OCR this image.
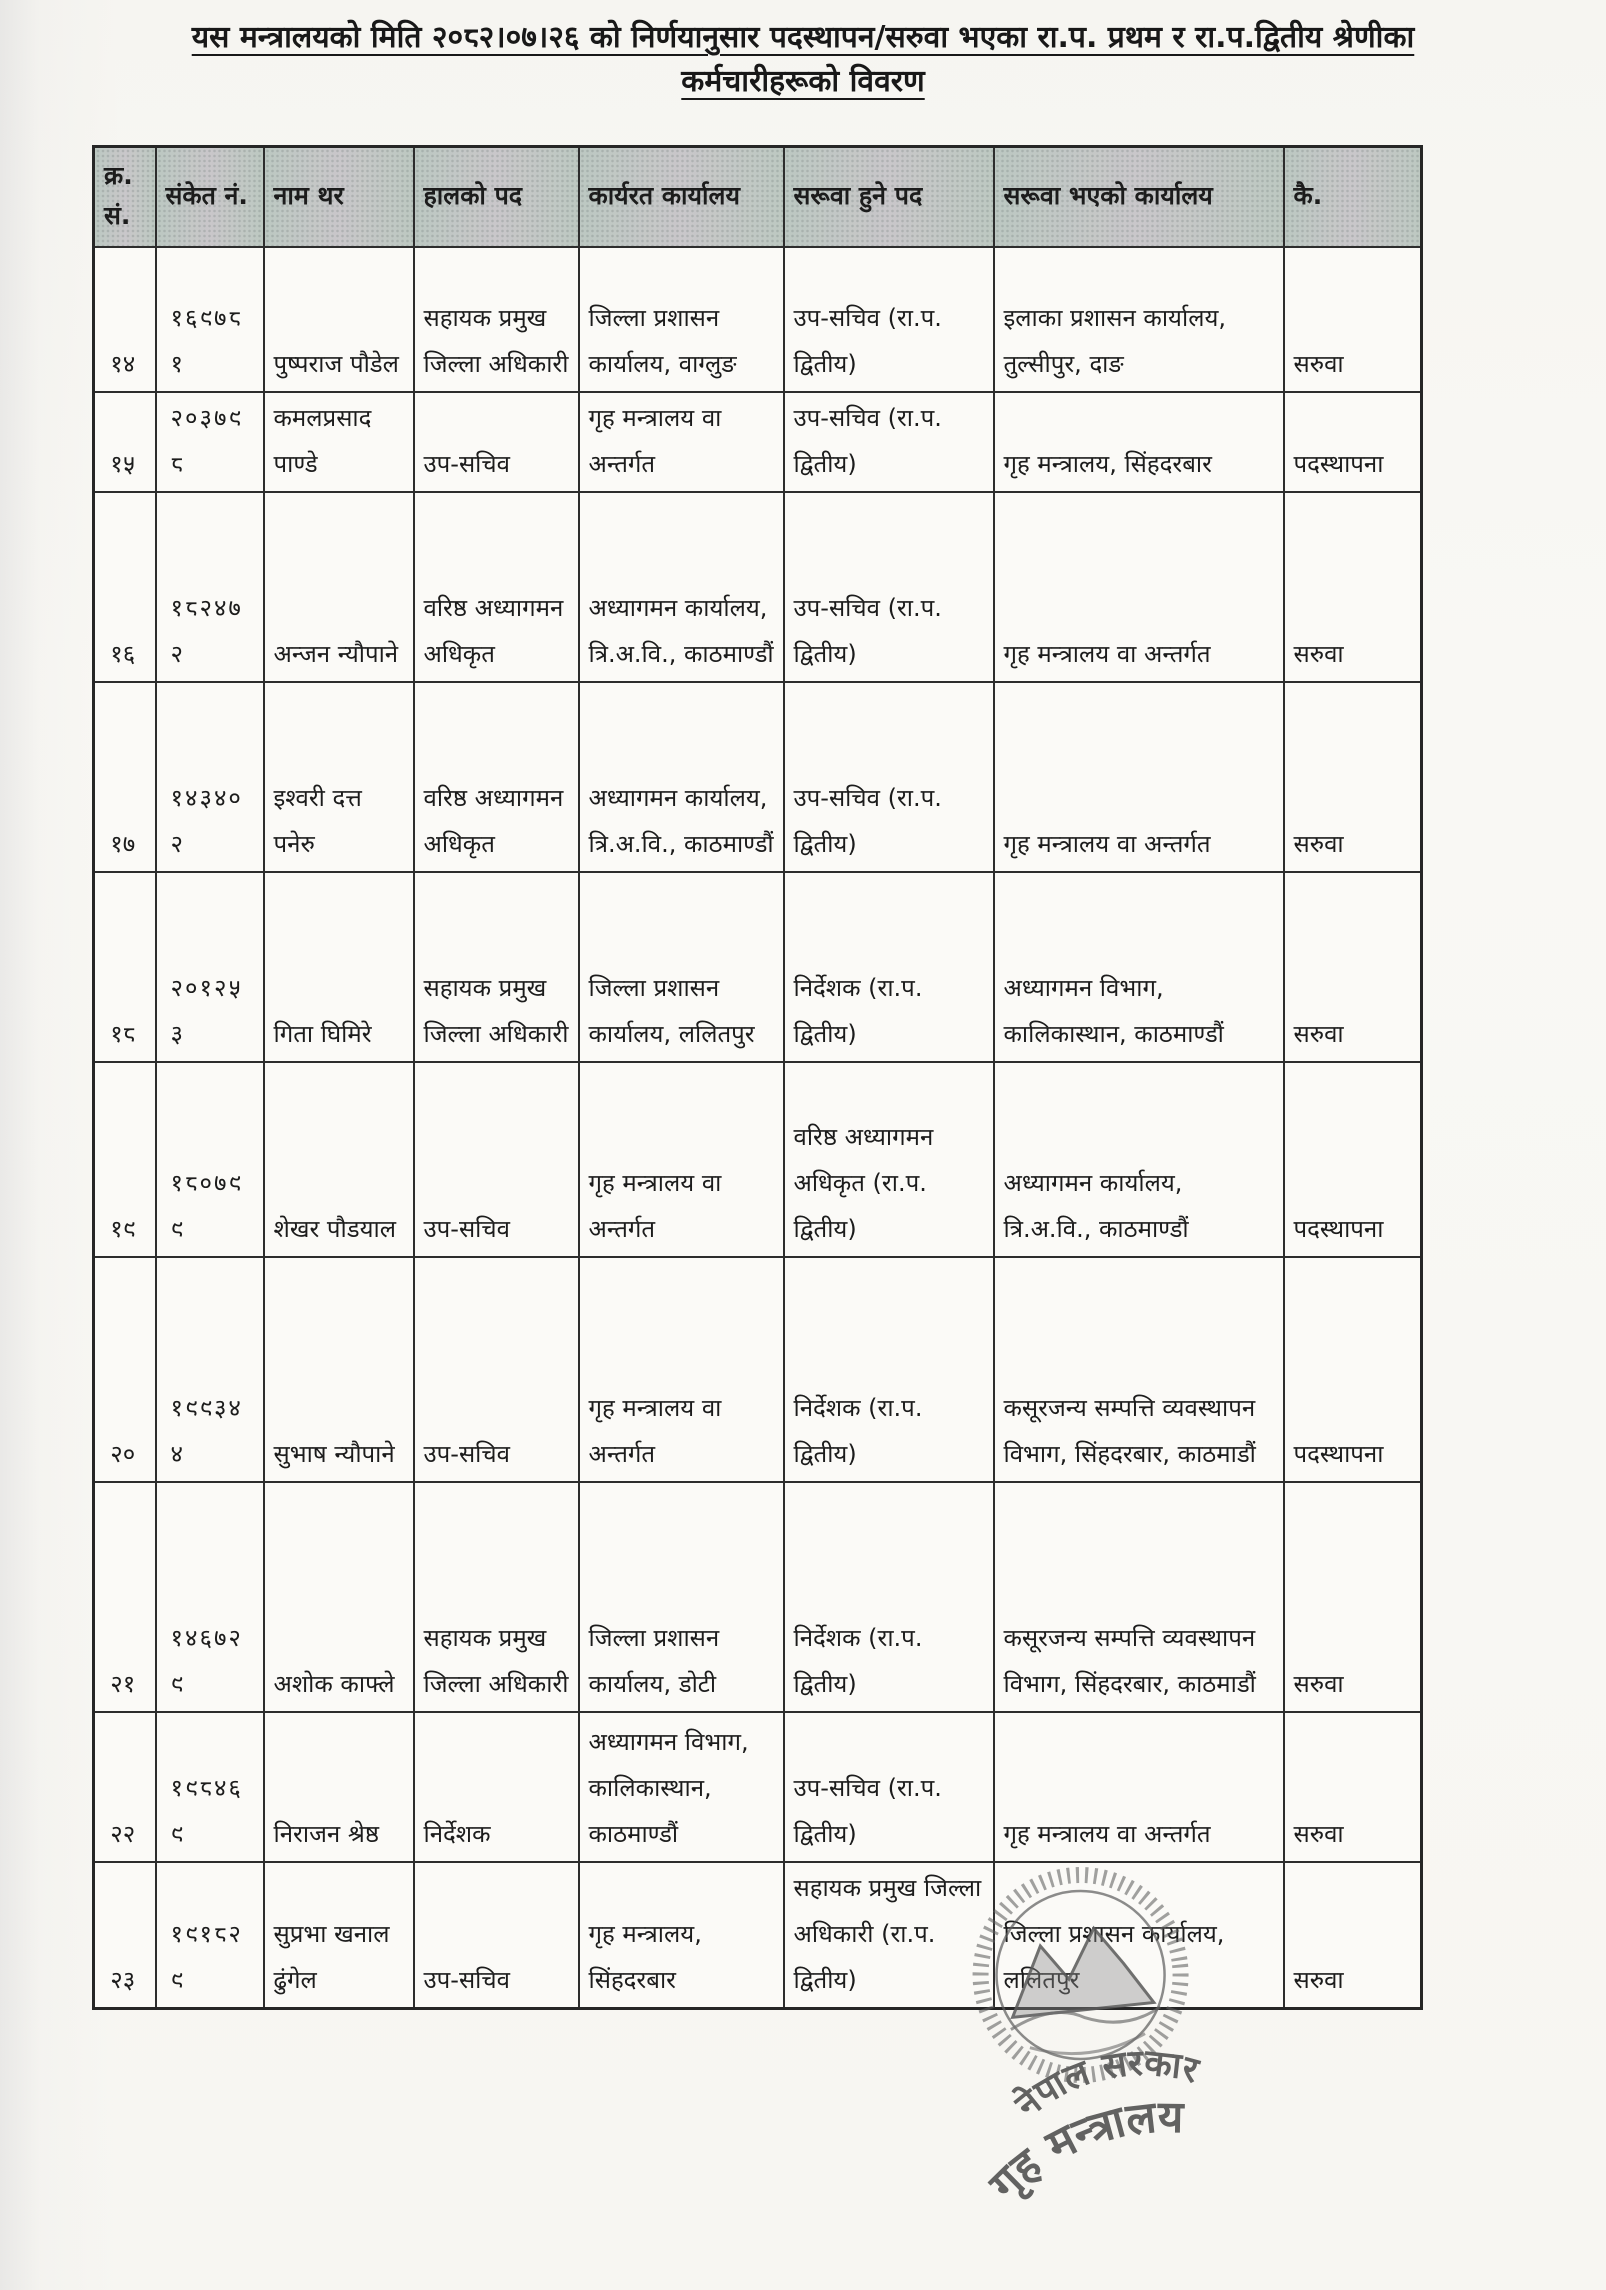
यस मन्त्रालयको मिति २०८२।०७।२६ को निर्णयानुसार पदस्थापन/सरुवा भएका रा.प. प्रथम र रा.प.द्वितीय श्रेणीका
कर्मचारीहरूको विवरण
क्र.सं.	संकेत नं.	नाम थर	हालको पद	कार्यरत कार्यालय	सरूवा हुने पद	सरूवा भएको कार्यालय	कै.
१४	१६९७८१	पुष्पराज पौडेल	सहायक प्रमुख जिल्ला अधिकारी	जिल्ला प्रशासन कार्यालय, वाग्लुङ	उप-सचिव (रा.प. द्वितीय)	इलाका प्रशासन कार्यालय, तुल्सीपुर, दाङ	सरुवा
१५	२०३७९८	कमलप्रसाद पाण्डे	उप-सचिव	गृह मन्त्रालय वा अन्तर्गत	उप-सचिव (रा.प. द्वितीय)	गृह मन्त्रालय, सिंहदरबार	पदस्थापना
१६	१८२४७२	अन्जन न्यौपाने	वरिष्ठ अध्यागमन अधिकृत	अध्यागमन कार्यालय, त्रि.अ.वि., काठमाण्डौं	उप-सचिव (रा.प. द्वितीय)	गृह मन्त्रालय वा अन्तर्गत	सरुवा
१७	१४३४०२	इश्वरी दत्त पनेरु	वरिष्ठ अध्यागमन अधिकृत	अध्यागमन कार्यालय, त्रि.अ.वि., काठमाण्डौं	उप-सचिव (रा.प. द्वितीय)	गृह मन्त्रालय वा अन्तर्गत	सरुवा
१८	२०१२५३	गिता घिमिरे	सहायक प्रमुख जिल्ला अधिकारी	जिल्ला प्रशासन कार्यालय, ललितपुर	निर्देशक (रा.प. द्वितीय)	अध्यागमन विभाग, कालिकास्थान, काठमाण्डौं	सरुवा
१९	१८०७९९	शेखर पौडयाल	उप-सचिव	गृह मन्त्रालय वा अन्तर्गत	वरिष्ठ अध्यागमन अधिकृत (रा.प. द्वितीय)	अध्यागमन कार्यालय, त्रि.अ.वि., काठमाण्डौं	पदस्थापना
२०	१९९३४४	सुभाष न्यौपाने	उप-सचिव	गृह मन्त्रालय वा अन्तर्गत	निर्देशक (रा.प. द्वितीय)	कसूरजन्य सम्पत्ति व्यवस्थापन विभाग, सिंहदरबार, काठमाडौं	पदस्थापना
२१	१४६७२९	अशोक काफ्ले	सहायक प्रमुख जिल्ला अधिकारी	जिल्ला प्रशासन कार्यालय, डोटी	निर्देशक (रा.प. द्वितीय)	कसूरजन्य सम्पत्ति व्यवस्थापन विभाग, सिंहदरबार, काठमाडौं	सरुवा
२२	१९८४६९	निराजन श्रेष्ठ	निर्देशक	अध्यागमन विभाग, कालिकास्थान, काठमाण्डौं	उप-सचिव (रा.प. द्वितीय)	गृह मन्त्रालय वा अन्तर्गत	सरुवा
२३	१९१८२९	सुप्रभा खनाल ढुंगेल	उप-सचिव	गृह मन्त्रालय, सिंहदरबार	सहायक प्रमुख जिल्ला अधिकारी (रा.प. द्वितीय)	जिल्ला प्रशासन कार्यालय, ललितपुर	सरुवा
नेपाल सरकार
गृह मन्त्रालय
